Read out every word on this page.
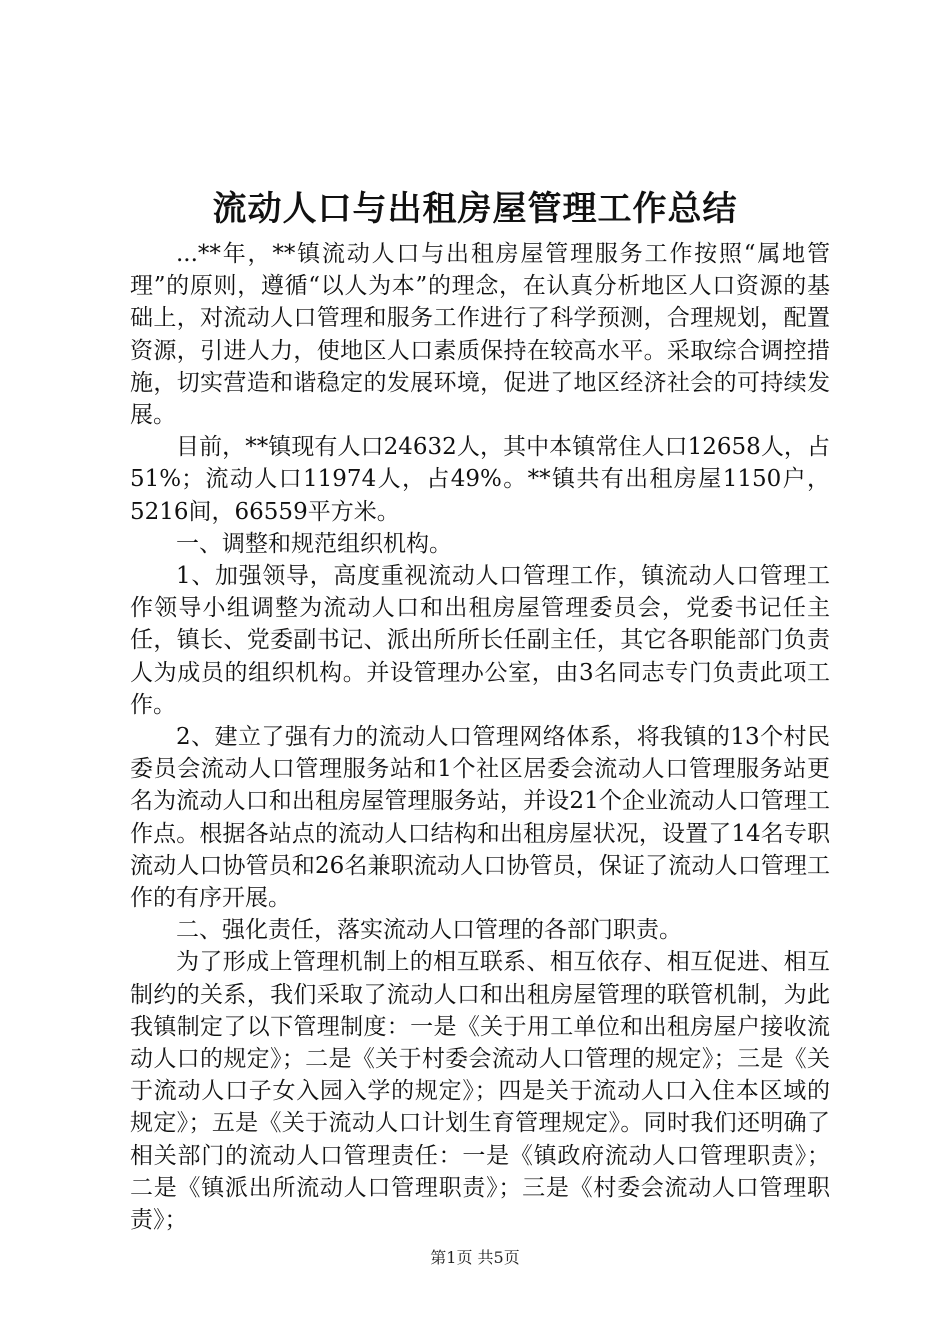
流动人口与出租房屋管理工作总结

...**年，**镇流动人口与出租房屋管理服务工作按照“属地管理”的原则，遵循“以人为本”的理念，在认真分析地区人口资源的基础上，对流动人口管理和服务工作进行了科学预测，合理规划，配置资源，引进人力，使地区人口素质保持在较高水平。采取综合调控措施，切实营造和谐稳定的发展环境，促进了地区经济社会的可持续发展。

目前，**镇现有人口24632人，其中本镇常住人口12658人，占51%；流动人口11974人，占49%。**镇共有出租房屋1150户，5216间，66559平方米。

一、调整和规范组织机构。

1、加强领导，高度重视流动人口管理工作，镇流动人口管理工作领导小组调整为流动人口和出租房屋管理委员会，党委书记任主任，镇长、党委副书记、派出所所长任副主任，其它各职能部门负责人为成员的组织机构。并设管理办公室，由3名同志专门负责此项工作。

2、建立了强有力的流动人口管理网络体系，将我镇的13个村民委员会流动人口管理服务站和1个社区居委会流动人口管理服务站更名为流动人口和出租房屋管理服务站，并设21个企业流动人口管理工作点。根据各站点的流动人口结构和出租房屋状况，设置了14名专职流动人口协管员和26名兼职流动人口协管员，保证了流动人口管理工作的有序开展。

二、强化责任，落实流动人口管理的各部门职责。

为了形成上管理机制上的相互联系、相互依存、相互促进、相互制约的关系，我们采取了流动人口和出租房屋管理的联管机制，为此我镇制定了以下管理制度：一是《关于用工单位和出租房屋户接收流动人口的规定》；二是《关于村委会流动人口管理的规定》；三是《关于流动人口子女入园入学的规定》；四是关于流动人口入住本区域的规定》；五是《关于流动人口计划生育管理规定》。同时我们还明确了相关部门的流动人口管理责任：一是《镇政府流动人口管理职责》；二是《镇派出所流动人口管理职责》；三是《村委会流动人口管理职责》；

第1页 共5页
